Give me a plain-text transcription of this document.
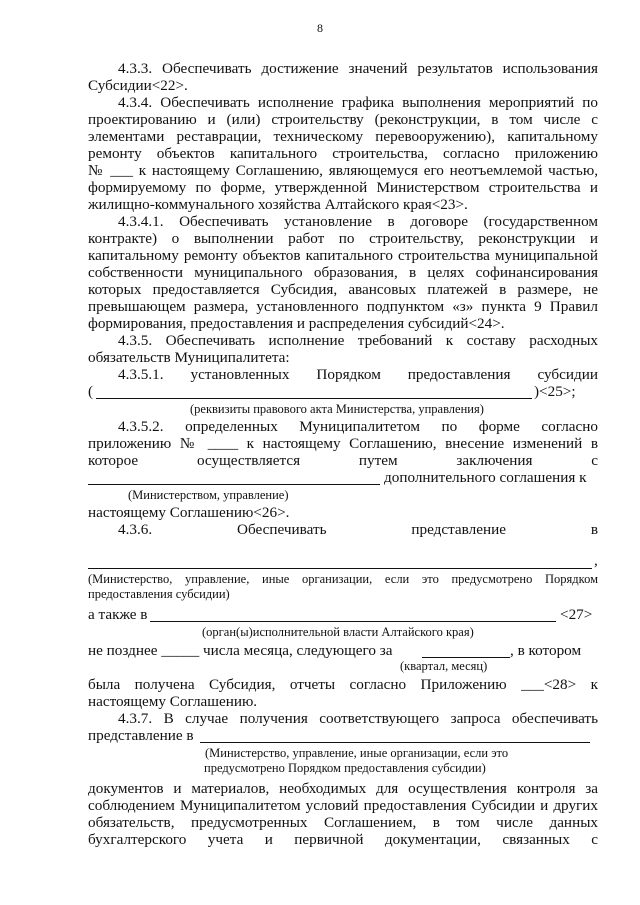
8
4.3.3. Обеспечивать достижение значений результатов использования
Субсидии<22>.
4.3.4. Обеспечивать исполнение графика выполнения мероприятий по
проектированию и (или) строительству (реконструкции, в том числе с
элементами реставрации, техническому перевооружению), капитальному
ремонту объектов капитального строительства, согласно приложению
№ ___ к настоящему Соглашению, являющемуся его неотъемлемой частью,
формируемому по форме, утвержденной Министерством строительства и
жилищно-коммунального хозяйства Алтайского края<23>.
4.3.4.1. Обеспечивать установление в договоре (государственном
контракте) о выполнении работ по строительству, реконструкции и
капитальному ремонту объектов капитального строительства муниципальной
собственности муниципального образования, в целях софинансирования
которых предоставляется Субсидия, авансовых платежей в размере, не
превышающем размера, установленного подпунктом «з» пункта 9 Правил
формирования, предоставления и распределения субсидий<24>.
4.3.5. Обеспечивать исполнение требований к составу расходных
обязательств Муниципалитета:
4.3.5.1. установленных Порядком предоставления субсидии
(	)<25>;
(реквизиты правового акта Министерства, управления)
4.3.5.2. определенных Муниципалитетом по форме согласно
приложению № ____ к настоящему Соглашению, внесение изменений в
которое осуществляется путем заключения с
дополнительного соглашения к
(Министерством, управление)
настоящему Соглашению<26>.
4.3.6. Обеспечивать представление в
,
(Министерство, управление, иные организации, если это предусмотрено Порядком
предоставления субсидии)
а также в	<27>
(орган(ы)исполнительной власти Алтайского края)
не позднее _____ числа месяца, следующего за	, в котором
(квартал, месяц)
была получена Субсидия, отчеты согласно Приложению ___<28> к
настоящему Соглашению.
4.3.7. В случае получения соответствующего запроса обеспечивать
представление в
(Министерство, управление, иные организации, если это
предусмотрено Порядком предоставления субсидии)
документов и материалов, необходимых для осуществления контроля за
соблюдением Муниципалитетом условий предоставления Субсидии и других
обязательств, предусмотренных Соглашением, в том числе данных
бухгалтерского учета и первичной документации, связанных с
